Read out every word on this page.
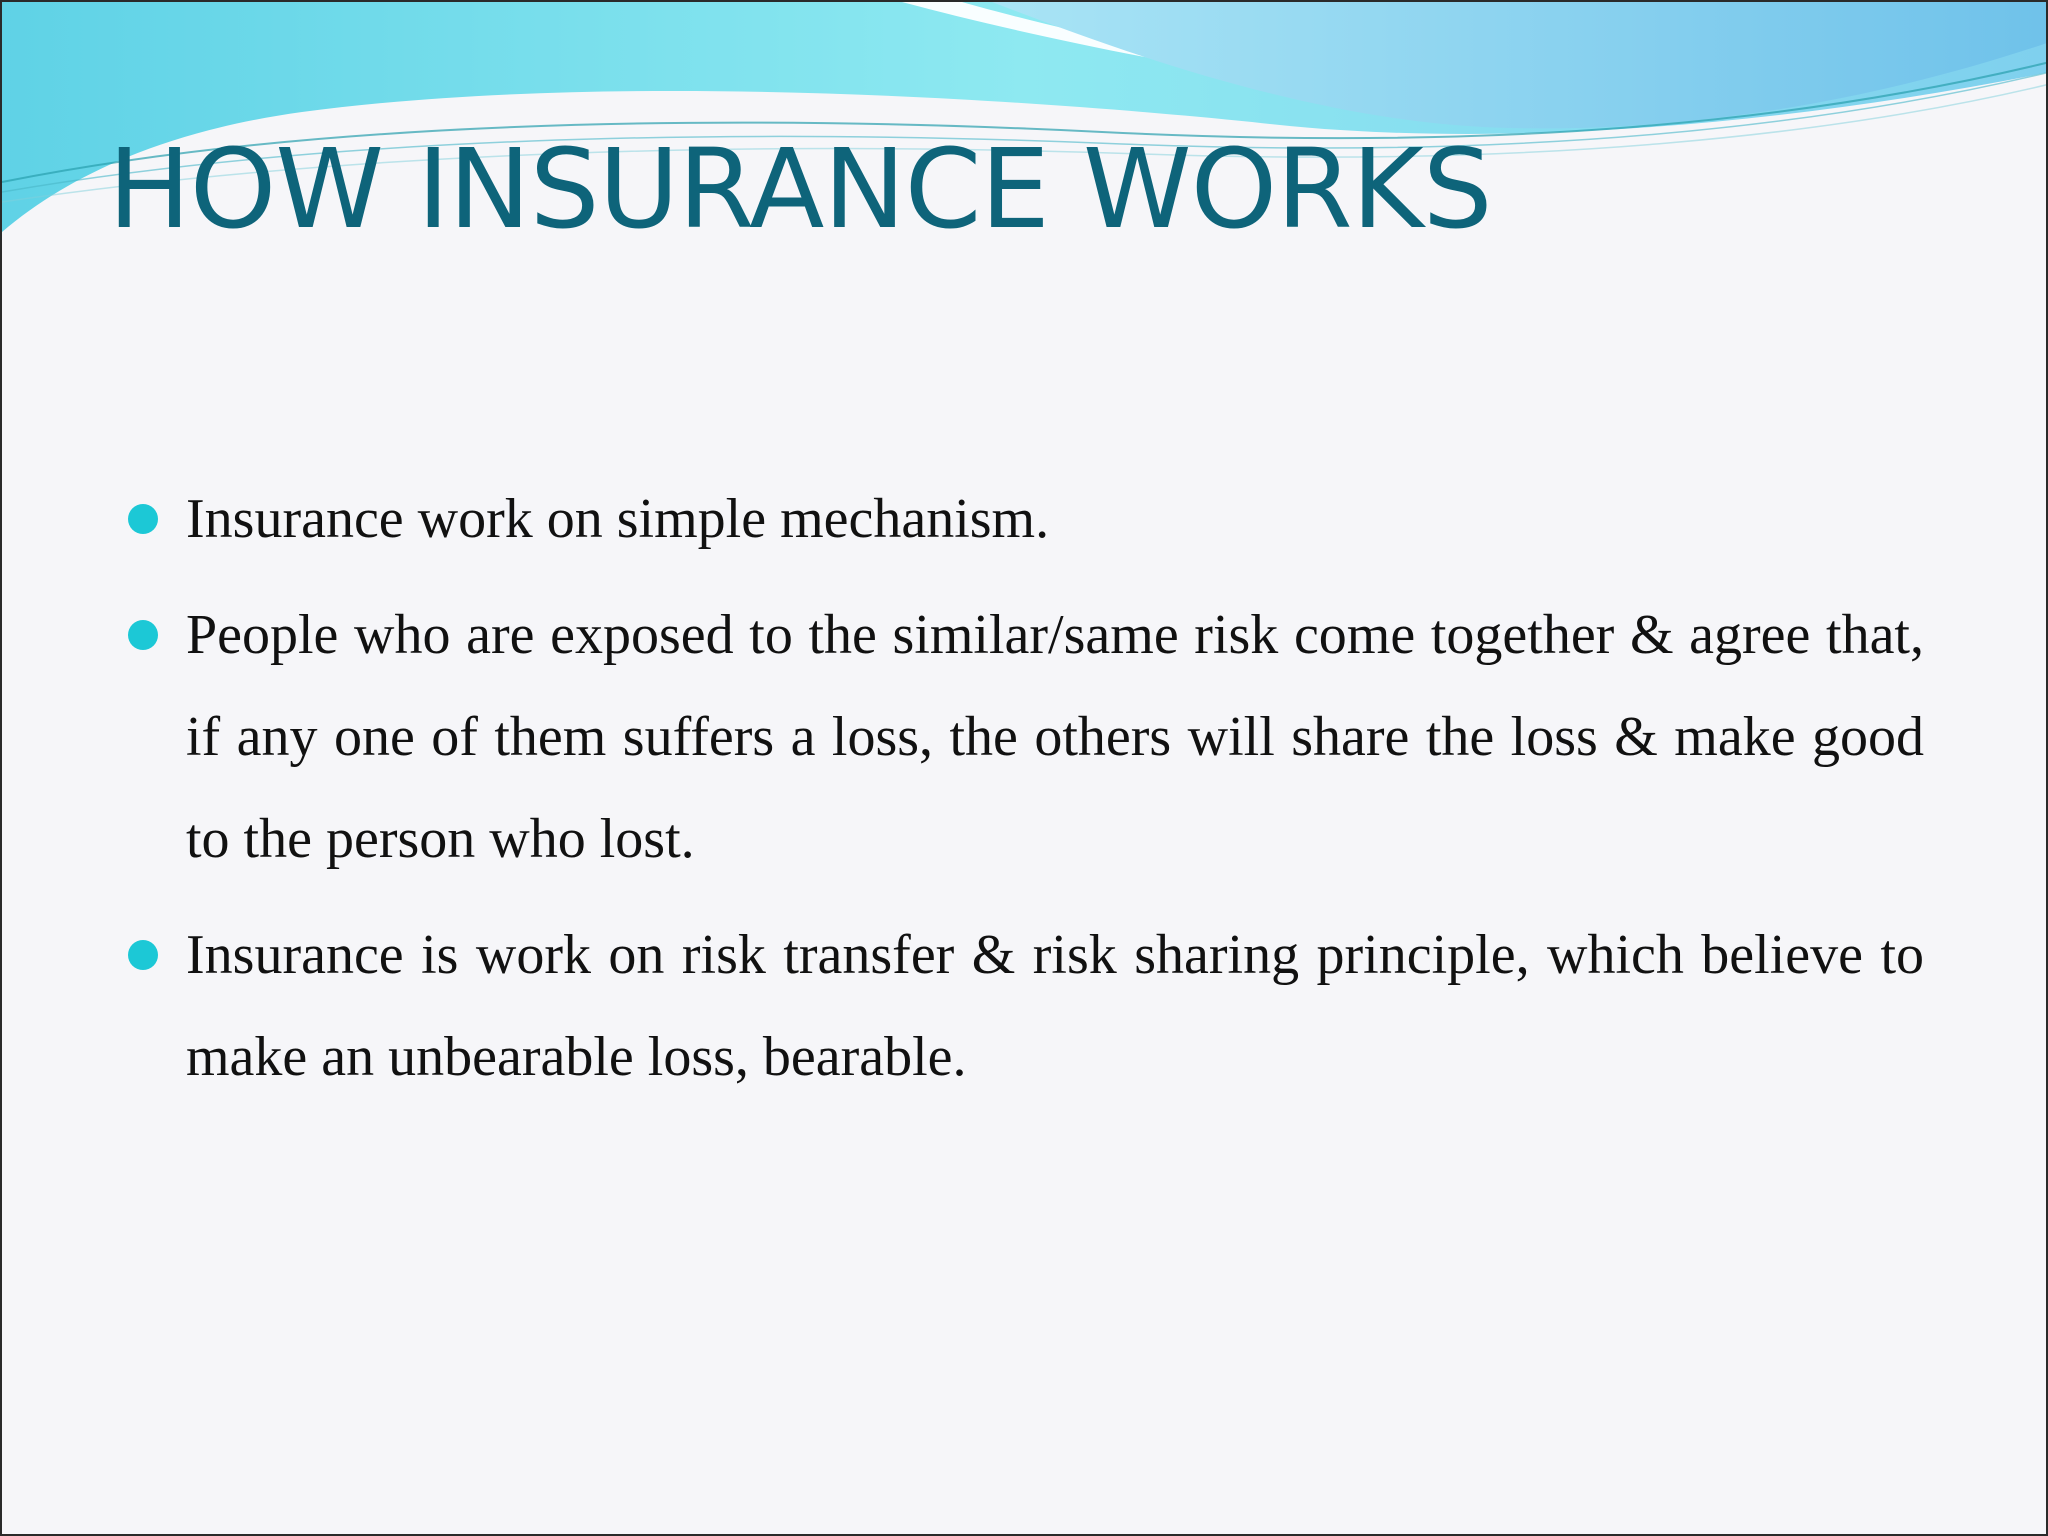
HOW INSURANCE WORKS
Insurance work on simple mechanism.
People who are exposed to the similar/same risk come together & agree that, if any one of them suffers a loss, the others will share the loss & make good to the person who lost.
Insurance is work on risk transfer & risk sharing principle, which believe to make an unbearable loss, bearable.
